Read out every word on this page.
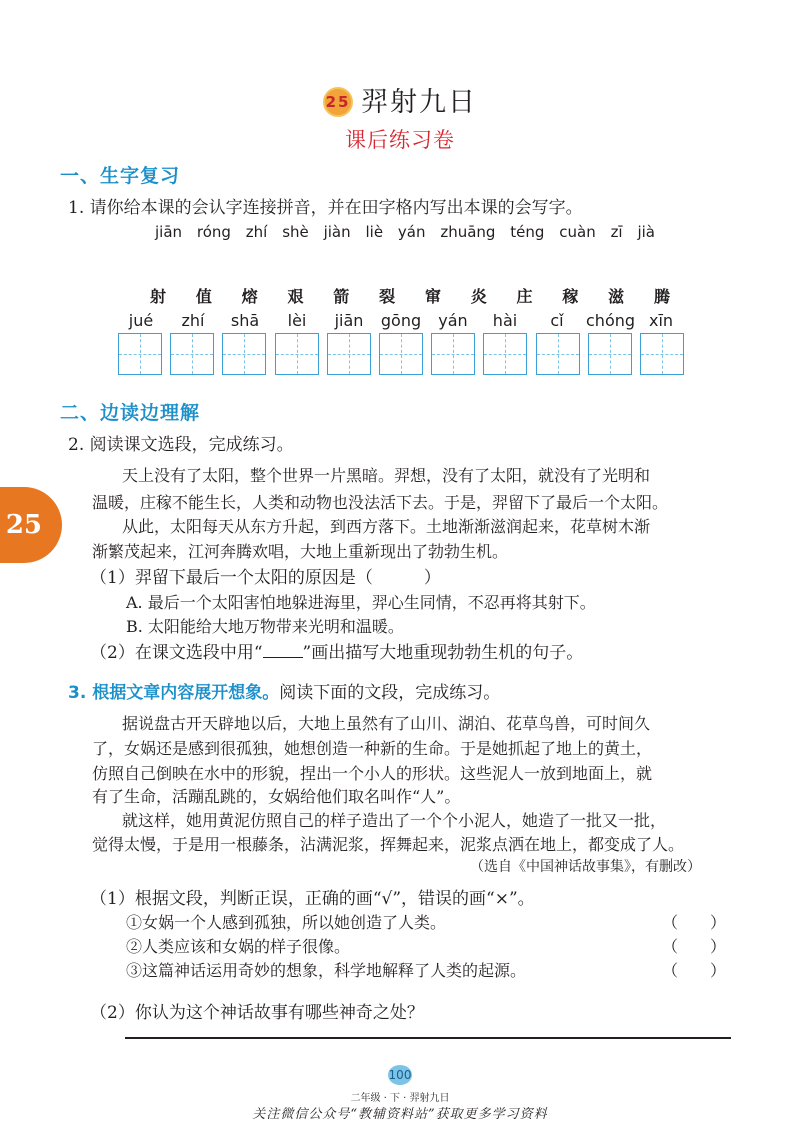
25 羿射九日
课后练习卷
25
一、生字复习
1. 请你给本课的会认字连接拼音，并在田字格内写出本课的会写字。
jiān róng zhí shè jiàn liè yán zhuāng téng cuàn zī jià
射 值 熔 艰 箭 裂 窜 炎 庄 稼 滋 腾
jué	zhí	shā	lèi	jiān	gōng	yán	hài	cǐ	chóng xīn
二、边读边理解
2. 阅读课文选段，完成练习。
天上没有了太阳，整个世界一片黑暗。羿想，没有了太阳，就没有了光明和
温暖，庄稼不能生长，人类和动物也没法活下去。于是，羿留下了最后一个太阳。
从此，太阳每天从东方升起，到西方落下。土地渐渐滋润起来，花草树木渐
渐繁茂起来，江河奔腾欢唱，大地上重新现出了勃勃生机。
（1）羿留下最后一个太阳的原因是（　　　）
A. 最后一个太阳害怕地躲进海里，羿心生同情，不忍再将其射下。
B. 太阳能给大地万物带来光明和温暖。
（2）在课文选段中用“ ”画出描写大地重现勃勃生机的句子。
3. 根据文章内容展开想象。阅读下面的文段，完成练习。
据说盘古开天辟地以后，大地上虽然有了山川、湖泊、花草鸟兽，可时间久
了，女娲还是感到很孤独，她想创造一种新的生命。于是她抓起了地上的黄土，
仿照自己倒映在水中的形貌，捏出一个小人的形状。这些泥人一放到地面上，就
有了生命，活蹦乱跳的，女娲给他们取名叫作“人”。
就这样，她用黄泥仿照自己的样子造出了一个个小泥人，她造了一批又一批，
觉得太慢，于是用一根藤条，沾满泥浆，挥舞起来，泥浆点洒在地上，都变成了人。
（选自《中国神话故事集》，有删改）
（1）根据文段，判断正误，正确的画“√”，错误的画“×”。
①女娲一个人感到孤独，所以她创造了人类。	（　　）
②人类应该和女娲的样子很像。	（　　）
③这篇神话运用奇妙的想象，科学地解释了人类的起源。	（　　）
（2）你认为这个神话故事有哪些神奇之处？
100
二年级 · 下 · 羿射九日
关注微信公众号“教辅资料站”获取更多学习资料
